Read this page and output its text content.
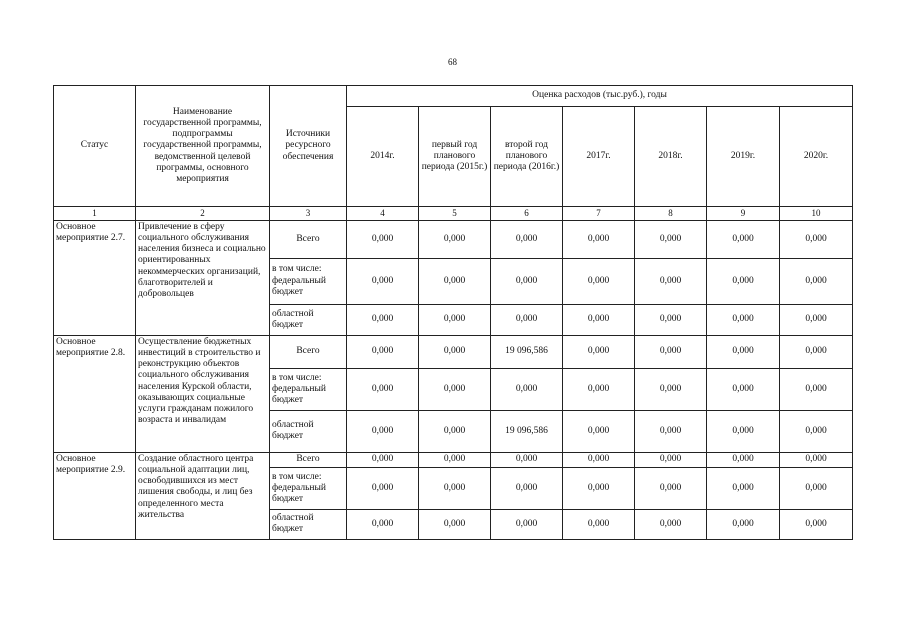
68
Статус	Наименование государственной программы, подпрограммы государственной программы, ведомственной целевой программы, основного мероприятия	Источники ресурсного обеспечения	Оценка расходов (тыс.руб.), годы						
			2014г.	первый год планового периода (2015г.)	второй год планового периода (2016г.)	2017г.	2018г.	2019г.	2020г.
1	2	3	4	5	6	7	8	9	10
Основное мероприятие 2.7.	Привлечение в сферу социального обслуживания населения бизнеса и социально ориентированных некоммерческих организаций, благотворителей и добровольцев	Всего	0,000	0,000	0,000	0,000	0,000	0,000	0,000
		в том числе: федеральный бюджет	0,000	0,000	0,000	0,000	0,000	0,000	0,000
		областной бюджет	0,000	0,000	0,000	0,000	0,000	0,000	0,000
Основное мероприятие 2.8.	Осуществление бюджетных инвестиций в строительство и реконструкцию объектов социального обслуживания населения Курской области, оказывающих социальные услуги гражданам пожилого возраста и инвалидам	Всего	0,000	0,000	19 096,586	0,000	0,000	0,000	0,000
		в том числе: федеральный бюджет	0,000	0,000	0,000	0,000	0,000	0,000	0,000
		областной бюджет	0,000	0,000	19 096,586	0,000	0,000	0,000	0,000
Основное мероприятие 2.9.	Создание областного центра социальной адаптации лиц, освободившихся из мест лишения свободы, и лиц без определенного места жительства	Всего	0,000	0,000	0,000	0,000	0,000	0,000	0,000
		в том числе: федеральный бюджет	0,000	0,000	0,000	0,000	0,000	0,000	0,000
		областной бюджет	0,000	0,000	0,000	0,000	0,000	0,000	0,000
